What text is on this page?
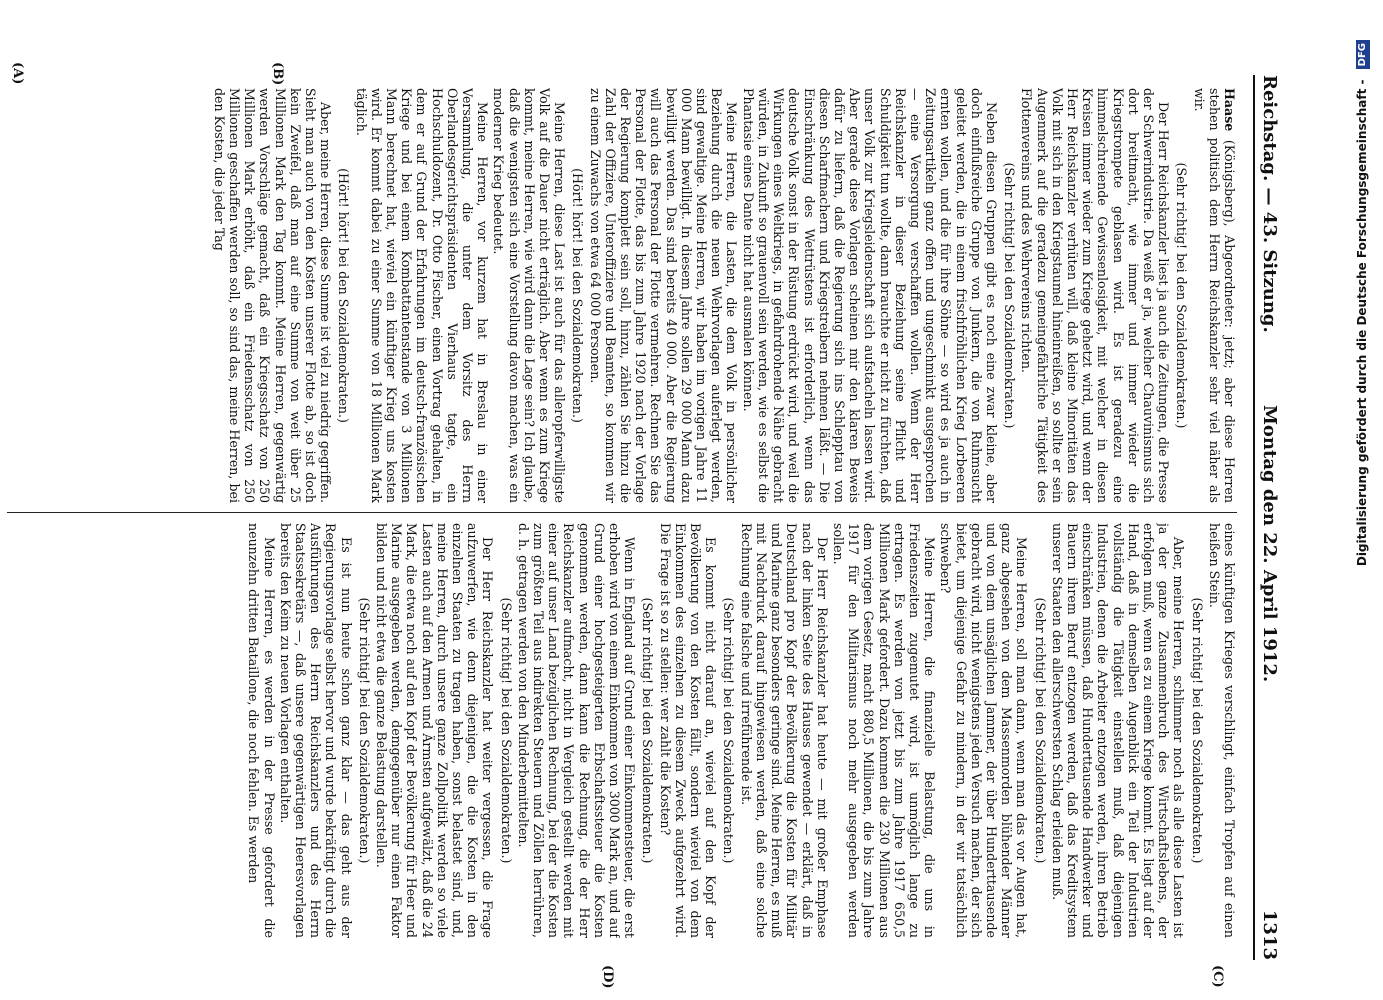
Reichstag. — 43. Sitzung.
Montag den 22. April 1912.
1313
(A)	(B)
(C)
(D)

Haase (Königsberg), Abgeordneter: jetzt; aber diese Herren stehen politisch dem Herrn Reichskanzler sehr viel näher als wir.

(Sehr richtig! bei den Sozialdemokraten.)

Der Herr Reichskanzler liest ja auch die Zeitungen, die Presse der Schwerindustrie. Da weiß er ja, welcher Chauvinismus sich dort breitmacht, wie immer und immer wieder die Kriegstrompete geblasen wird. Es ist geradezu eine himmelschreiende Gewissenlosigkeit, mit welcher in diesen Kreisen immer wieder zum Kriege gehetzt wird, und wenn der Herr Reichskanzler verhüten will, daß kleine Minoritäten das Volk mit sich in den Kriegstaumel hineinreißen, so sollte er sein Augenmerk auf die geradezu gemeingefährliche Tätigkeit des Flottenvereins und des Wehrvereins richten.

(Sehr richtig! bei den Sozialdemokraten.)

Neben diesen Gruppen gibt es noch eine zwar kleine, aber doch einflußreiche Gruppe von Junkern, die von Ruhmsucht geleitet werden, die in einem frischfröhlichen Krieg Lorbeeren ernten wollen, und die für ihre Söhne — so wird es ja auch in Zeitungsartikeln ganz offen und ungeschminkt ausgesprochen — eine Versorgung verschaffen wollen. Wenn der Herr Reichskanzler in dieser Beziehung seine Pflicht und Schuldigkeit tun wollte, dann brauchte er nicht zu fürchten, daß unser Volk zur Kriegsleidenschaft sich aufstacheln lassen wird. Aber gerade diese Vorlagen scheinen mir den klaren Beweis dafür zu liefern, daß die Regierung sich ins Schlepptau von diesen Scharfmachern und Kriegstreibern nehmen läßt. — Die Einschränkung des Wettrüstens ist erforderlich, wenn das deutsche Volk sonst in der Rüstung erdrückt wird, und weil die Wirkungen eines Weltkriegs, in gefahrdrohende Nähe gebracht würden, in Zukunft so grauenvoll sein werden, wie es selbst die Phantasie eines Dante nicht hat ausmalen können.

Meine Herren, die Lasten, die dem Volk in persönlicher Beziehung durch die neuen Wehrvorlagen auferlegt werden, sind gewaltige. Meine Herren, wir haben im vorigen Jahre 11 000 Mann bewilligt. In diesem Jahre sollen 29 000 Mann dazu bewilligt werden. Das sind bereits 40 000. Aber die Regierung will auch das Personal der Flotte vermehren. Rechnen Sie das Personal der Flotte, das bis zum Jahre 1920 nach der Vorlage der Regierung komplett sein soll, hinzu, zählen Sie hinzu die Zahl der Offiziere, Unteroffiziere und Beamten, so kommen wir zu einem Zuwachs von etwa 64 000 Personen.

(Hört! hört! bei den Sozialdemokraten.)

Meine Herren, diese Last ist auch für das alleropferwilligste Volk auf die Dauer nicht erträglich. Aber wenn es zum Kriege kommt, meine Herren, wie wird dann die Lage sein? Ich glaube, daß die wenigsten sich eine Vorstellung davon machen, was ein moderner Krieg bedeutet.

Meine Herren, vor kurzem hat in Breslau in einer Versammlung, die unter dem Vorsitz des Herrn Oberlandesgerichtspräsidenten Vierhaus tagte, ein Hochschuldozent, Dr. Otto Fischer, einen Vortrag gehalten, in dem er auf Grund der Erfahrungen im deutsch-französischen Kriege und bei einem Kombattantenstande von 3 Millionen Mann berechnet hat, wieviel ein künftiger Krieg uns kosten wird. Er kommt dabei zu einer Summe von 18 Millionen Mark täglich.

(Hört! hört! bei den Sozialdemokraten.)

Aber, meine Herren, diese Summe ist viel zu niedrig gegriffen. Sieht man auch von den Kosten unserer Flotte ab, so ist doch kein Zweifel, daß man auf eine Summe von weit über 25 Millionen Mark den Tag kommt. Meine Herren, gegenwärtig werden Vorschläge gemacht, daß ein Kriegsschatz von 250 Millionen Mark erhöht, daß ein Friedensschatz von 250 Millionen geschaffen werden soll, so sind das, meine Herren, bei den Kosten, die jeder Tag

eines künftigen Krieges verschlingt, einfach Tropfen auf einen heißen Stein.

(Sehr richtig! bei den Sozialdemokraten.)

Aber, meine Herren, schlimmer noch als alle diese Lasten ist ja der ganze Zusammenbruch des Wirtschaftslebens, der erfolgen muß, wenn es zu einem Kriege kommt. Es liegt auf der Hand, daß in demselben Augenblick ein Teil der Industrien vollständig die Tätigkeit einstellen muß, daß diejenigen Industrien, denen die Arbeiter entzogen werden, ihren Betrieb einschränken müssen, daß Hunderttausende Handwerker und Bauern ihrem Beruf entzogen werden, daß das Kreditsystem unserer Staaten den allerschwersten Schlag erleiden muß.

(Sehr richtig! bei den Sozialdemokraten.)

Meine Herren, soll man dann, wenn man das vor Augen hat, ganz abgesehen von dem Massenmorden blühender Männer und von dem unsäglichen Jammer, der über Hunderttausende gebracht wird, nicht wenigstens jeden Versuch machen, der sich bietet, um diejenige Gefahr zu mindern, in der wir tatsächlich schweben?

Meine Herren, die finanzielle Belastung, die uns in Friedenszeiten zugemutet wird, ist unmöglich lange zu ertragen. Es werden von jetzt bis zum Jahre 1917 650,5 Millionen Mark gefordert. Dazu kommen die 230 Millionen aus dem vorigen Gesetz, macht 880,5 Millionen, die bis zum Jahre 1917 für den Militarismus noch mehr ausgegeben werden sollen.

Der Herr Reichskanzler hat heute — mit großer Emphase nach der linken Seite des Hauses gewendet — erklärt, daß in Deutschland pro Kopf der Bevölkerung die Kosten für Militär und Marine ganz besonders geringe sind. Meine Herren, es muß mit Nachdruck darauf hingewiesen werden, daß eine solche Rechnung eine falsche und irreführende ist.

(Sehr richtig! bei den Sozialdemokraten.)

Es kommt nicht darauf an, wieviel auf den Kopf der Bevölkerung von den Kosten fällt, sondern wieviel von dem Einkommen des einzelnen zu diesem Zweck aufgezehrt wird. Die Frage ist so zu stellen: wer zahlt die Kosten?

(Sehr richtig! bei den Sozialdemokraten.)

Wenn in England auf Grund einer Einkommensteuer, die erst erhoben wird von einem Einkommen von 3000 Mark an, und auf Grund einer hochgesteigerten Erbschaftssteuer die Kosten genommen werden, dann kann die Rechnung, die der Herr Reichskanzler aufmacht, nicht in Vergleich gestellt werden mit einer auf unser Land bezüglichen Rechnung, bei der die Kosten zum größten Teil aus indirekten Steuern und Zöllen herrühren, d. h. getragen werden von den Minderbemittelten.

(Sehr richtig! bei den Sozialdemokraten.)

Der Herr Reichskanzler hat weiter vergessen, die Frage aufzuwerfen, wie denn diejenigen, die die Kosten in den einzelnen Staaten zu tragen haben, sonst belastet sind, und, meine Herren, durch unsere ganze Zollpolitik werden so viele Lasten auch auf den Armen und Ärmsten aufgewälzt, daß die 24 Mark, die etwa noch auf den Kopf der Bevölkerung für Heer und Marine ausgegeben werden, demgegenüber nur einen Faktor bilden und nicht etwa die ganze Belastung darstellen.

(Sehr richtig! bei den Sozialdemokraten.)

Es ist nun heute schon ganz klar — das geht aus der Regierungsvorlage selbst hervor und wurde bekräftigt durch die Ausführungen des Herrn Reichskanzlers und des Herrn Staatssekretärs —, daß unsere gegenwärtigen Heeresvorlagen bereits den Keim zu neuen Vorlagen enthalten.

Meine Herren, es werden in der Presse gefordert die neunzehn dritten Bataillone, die noch fehlen. Es werden

Digitalisierung gefördert durch die Deutsche Forschungsgemeinschaft - DFG
